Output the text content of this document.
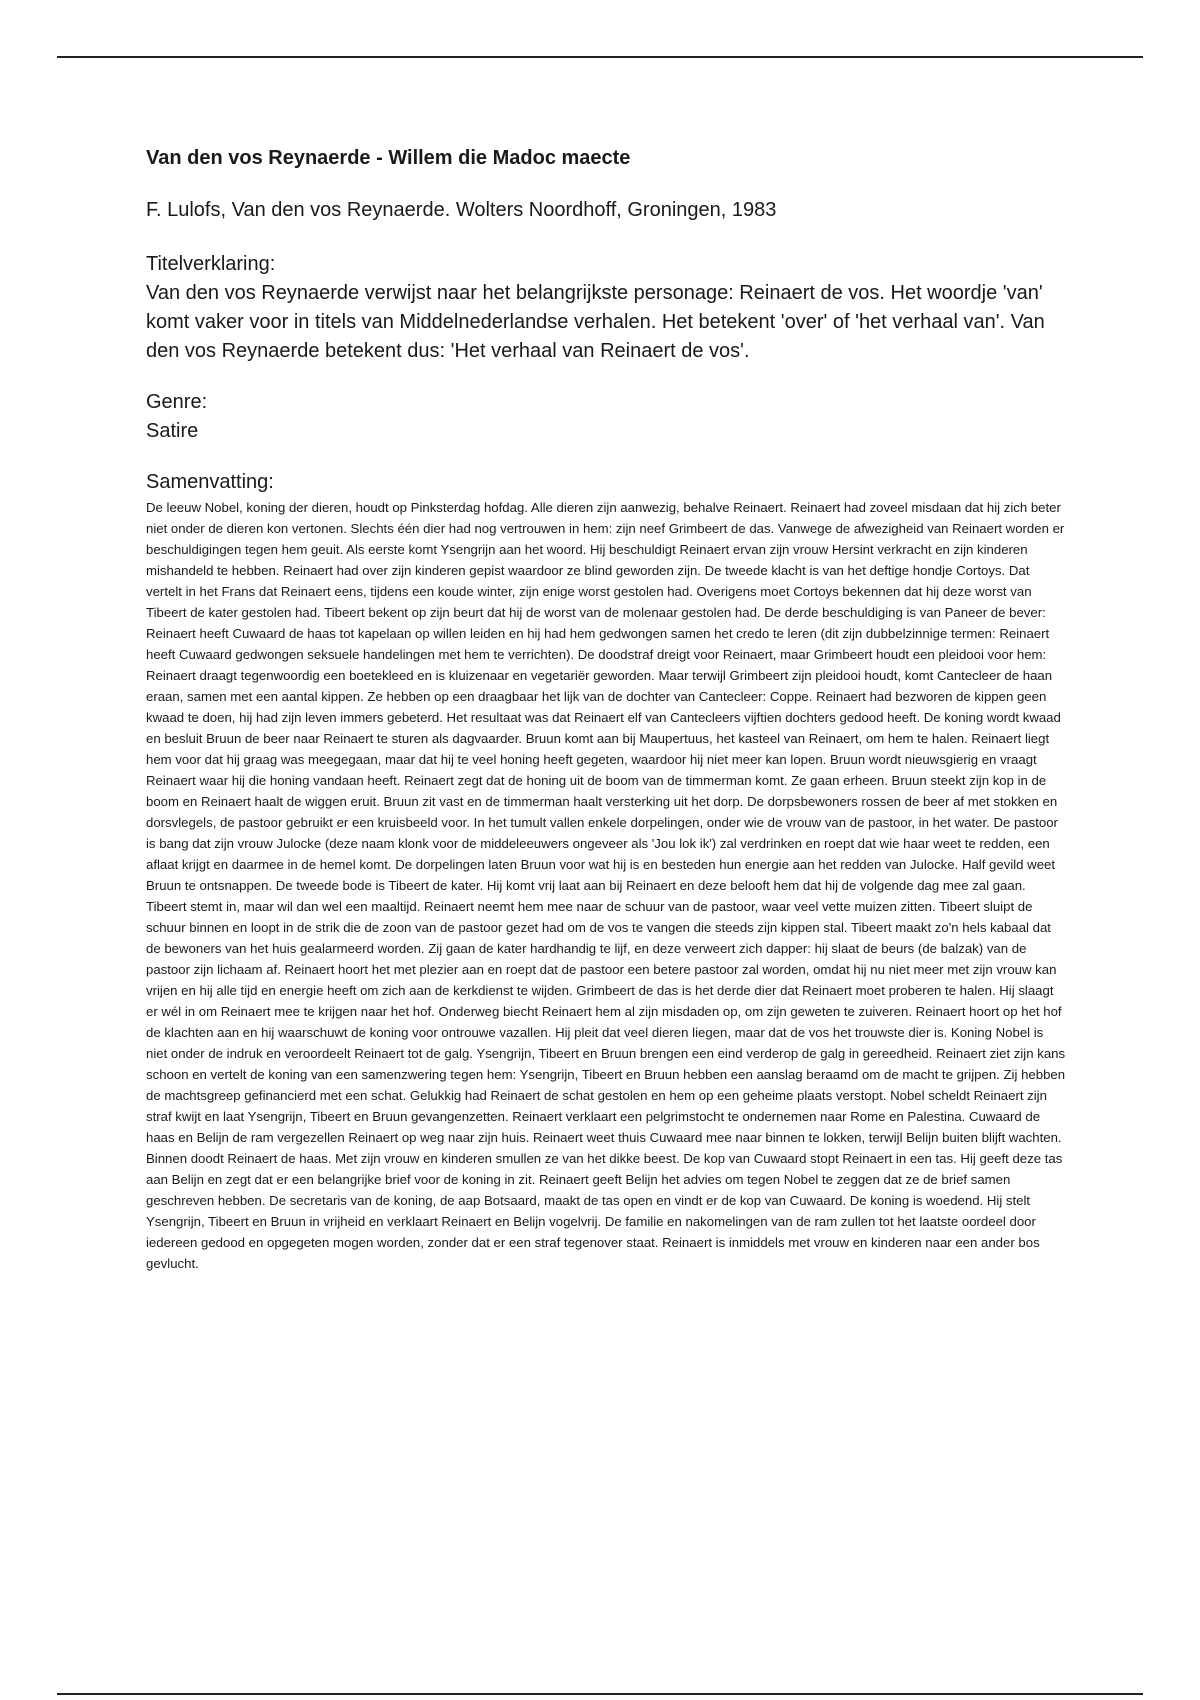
Van den vos Reynaerde - Willem die Madoc maecte

F. Lulofs, Van den vos Reynaerde. Wolters Noordhoff, Groningen, 1983

Titelverklaring:

Van den vos Reynaerde verwijst naar het belangrijkste personage: Reinaert de vos. Het woordje 'van' komt vaker voor in titels van Middelnederlandse verhalen. Het betekent 'over' of 'het verhaal van'. Van den vos Reynaerde betekent dus: 'Het verhaal van Reinaert de vos'.

Genre:

Satire

Samenvatting:

De leeuw Nobel, koning der dieren, houdt op Pinksterdag hofdag. Alle dieren zijn aanwezig, behalve Reinaert. Reinaert had zoveel misdaan dat hij zich beter niet onder de dieren kon vertonen. Slechts één dier had nog vertrouwen in hem: zijn neef Grimbeert de das. Vanwege de afwezigheid van Reinaert worden er beschuldigingen tegen hem geuit. Als eerste komt Ysengrijn aan het woord. Hij beschuldigt Reinaert ervan zijn vrouw Hersint verkracht en zijn kinderen mishandeld te hebben. Reinaert had over zijn kinderen gepist waardoor ze blind geworden zijn. De tweede klacht is van het deftige hondje Cortoys. Dat vertelt in het Frans dat Reinaert eens, tijdens een koude winter, zijn enige worst gestolen had. Overigens moet Cortoys bekennen dat hij deze worst van Tibeert de kater gestolen had. Tibeert bekent op zijn beurt dat hij de worst van de molenaar gestolen had. De derde beschuldiging is van Paneer de bever: Reinaert heeft Cuwaard de haas tot kapelaan op willen leiden en hij had hem gedwongen samen het credo te leren (dit zijn dubbelzinnige termen: Reinaert heeft Cuwaard gedwongen seksuele handelingen met hem te verrichten). De doodstraf dreigt voor Reinaert, maar Grimbeert houdt een pleidooi voor hem: Reinaert draagt tegenwoordig een boetekleed en is kluizenaar en vegetariër geworden. Maar terwijl Grimbeert zijn pleidooi houdt, komt Cantecleer de haan eraan, samen met een aantal kippen. Ze hebben op een draagbaar het lijk van de dochter van Cantecleer: Coppe. Reinaert had bezworen de kippen geen kwaad te doen, hij had zijn leven immers gebeterd. Het resultaat was dat Reinaert elf van Cantecleers vijftien dochters gedood heeft. De koning wordt kwaad en besluit Bruun de beer naar Reinaert te sturen als dagvaarder. Bruun komt aan bij Maupertuus, het kasteel van Reinaert, om hem te halen. Reinaert liegt hem voor dat hij graag was meegegaan, maar dat hij te veel honing heeft gegeten, waardoor hij niet meer kan lopen. Bruun wordt nieuwsgierig en vraagt Reinaert waar hij die honing vandaan heeft. Reinaert zegt dat de honing uit de boom van de timmerman komt. Ze gaan erheen. Bruun steekt zijn kop in de boom en Reinaert haalt de wiggen eruit. Bruun zit vast en de timmerman haalt versterking uit het dorp. De dorpsbewoners rossen de beer af met stokken en dorsvlegels, de pastoor gebruikt er een kruisbeeld voor. In het tumult vallen enkele dorpelingen, onder wie de vrouw van de pastoor, in het water. De pastoor is bang dat zijn vrouw Julocke (deze naam klonk voor de middeleeuwers ongeveer als 'Jou lok ik') zal verdrinken en roept dat wie haar weet te redden, een aflaat krijgt en daarmee in de hemel komt. De dorpelingen laten Bruun voor wat hij is en besteden hun energie aan het redden van Julocke. Half gevild weet Bruun te ontsnappen. De tweede bode is Tibeert de kater. Hij komt vrij laat aan bij Reinaert en deze belooft hem dat hij de volgende dag mee zal gaan. Tibeert stemt in, maar wil dan wel een maaltijd. Reinaert neemt hem mee naar de schuur van de pastoor, waar veel vette muizen zitten. Tibeert sluipt de schuur binnen en loopt in de strik die de zoon van de pastoor gezet had om de vos te vangen die steeds zijn kippen stal. Tibeert maakt zo'n hels kabaal dat de bewoners van het huis gealarmeerd worden. Zij gaan de kater hardhandig te lijf, en deze verweert zich dapper: hij slaat de beurs (de balzak) van de pastoor zijn lichaam af. Reinaert hoort het met plezier aan en roept dat de pastoor een betere pastoor zal worden, omdat hij nu niet meer met zijn vrouw kan vrijen en hij alle tijd en energie heeft om zich aan de kerkdienst te wijden. Grimbeert de das is het derde dier dat Reinaert moet proberen te halen. Hij slaagt er wél in om Reinaert mee te krijgen naar het hof. Onderweg biecht Reinaert hem al zijn misdaden op, om zijn geweten te zuiveren. Reinaert hoort op het hof de klachten aan en hij waarschuwt de koning voor ontrouwe vazallen. Hij pleit dat veel dieren liegen, maar dat de vos het trouwste dier is. Koning Nobel is niet onder de indruk en veroordeelt Reinaert tot de galg. Ysengrijn, Tibeert en Bruun brengen een eind verderop de galg in gereedheid. Reinaert ziet zijn kans schoon en vertelt de koning van een samenzwering tegen hem: Ysengrijn, Tibeert en Bruun hebben een aanslag beraamd om de macht te grijpen. Zij hebben de machtsgreep gefinancierd met een schat. Gelukkig had Reinaert de schat gestolen en hem op een geheime plaats verstopt. Nobel scheldt Reinaert zijn straf kwijt en laat Ysengrijn, Tibeert en Bruun gevangenzetten. Reinaert verklaart een pelgrimstocht te ondernemen naar Rome en Palestina. Cuwaard de haas en Belijn de ram vergezellen Reinaert op weg naar zijn huis. Reinaert weet thuis Cuwaard mee naar binnen te lokken, terwijl Belijn buiten blijft wachten. Binnen doodt Reinaert de haas. Met zijn vrouw en kinderen smullen ze van het dikke beest. De kop van Cuwaard stopt Reinaert in een tas. Hij geeft deze tas aan Belijn en zegt dat er een belangrijke brief voor de koning in zit. Reinaert geeft Belijn het advies om tegen Nobel te zeggen dat ze de brief samen geschreven hebben. De secretaris van de koning, de aap Botsaard, maakt de tas open en vindt er de kop van Cuwaard. De koning is woedend. Hij stelt Ysengrijn, Tibeert en Bruun in vrijheid en verklaart Reinaert en Belijn vogelvrij. De familie en nakomelingen van de ram zullen tot het laatste oordeel door iedereen gedood en opgegeten mogen worden, zonder dat er een straf tegenover staat. Reinaert is inmiddels met vrouw en kinderen naar een ander bos gevlucht.
